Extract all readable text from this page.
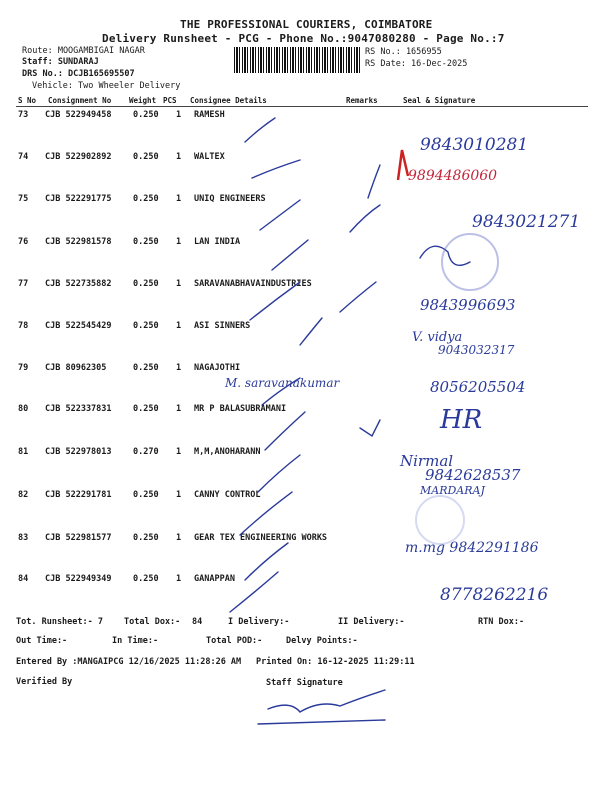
THE PROFESSIONAL COURIERS, COIMBATORE
Delivery Runsheet - PCG - Phone No.:9047080280 - Page No.:7
Route: MOOGAMBIGAI NAGAR
Staff: SUNDARAJ
DRS No.: DCJB165695507
Vehicle: Two Wheeler Delivery
RS No.: 1656955
RS Date: 16-Dec-2025
S No Consignment No Weight PCS Consignee Details	Remarks	Seal & Signature
73 CJB 522949458	0.250 1 RAMESH
74 CJB 522902892	0.250 1 WALTEX
75 CJB 522291775	0.250 1 UNIQ ENGINEERS
76 CJB 522981578	0.250 1 LAN INDIA
77 CJB 522735882	0.250 1 SARAVANABHAVAINDUSTRIES
78 CJB 522545429	0.250 1 ASI SINNERS
79 CJB 80962305	0.250 1 NAGAJOTHI
80 CJB 522337831	0.250 1 MR P BALASUBRAMANI
81 CJB 522978013	0.270 1 M,M,ANOHARANN
82 CJB 522291781	0.250 1 CANNY CONTROL
83 CJB 522981577	0.250 1 GEAR TEX ENGINEERING WORKS
84 CJB 522949349	0.250 1 GANAPPAN
9843010281
9894486060
9843021271
9843996693
V. vidya
9043032317
M. saravanakumar	8056205504
HR
Nirmal
9842628537
MARDARAJ
m.mg 9842291186
8778262216
Tot. Runsheet:- 7 Total Dox:- 84	I Delivery:-	II Delivery:-	RTN Dox:-
Out Time:-	In Time:-	Total POD:-	Delvy Points:-
Entered By :MANGAIPCG 12/16/2025 11:28:26 AM Printed On: 16-12-2025 11:29:11
Verified By	Staff Signature
